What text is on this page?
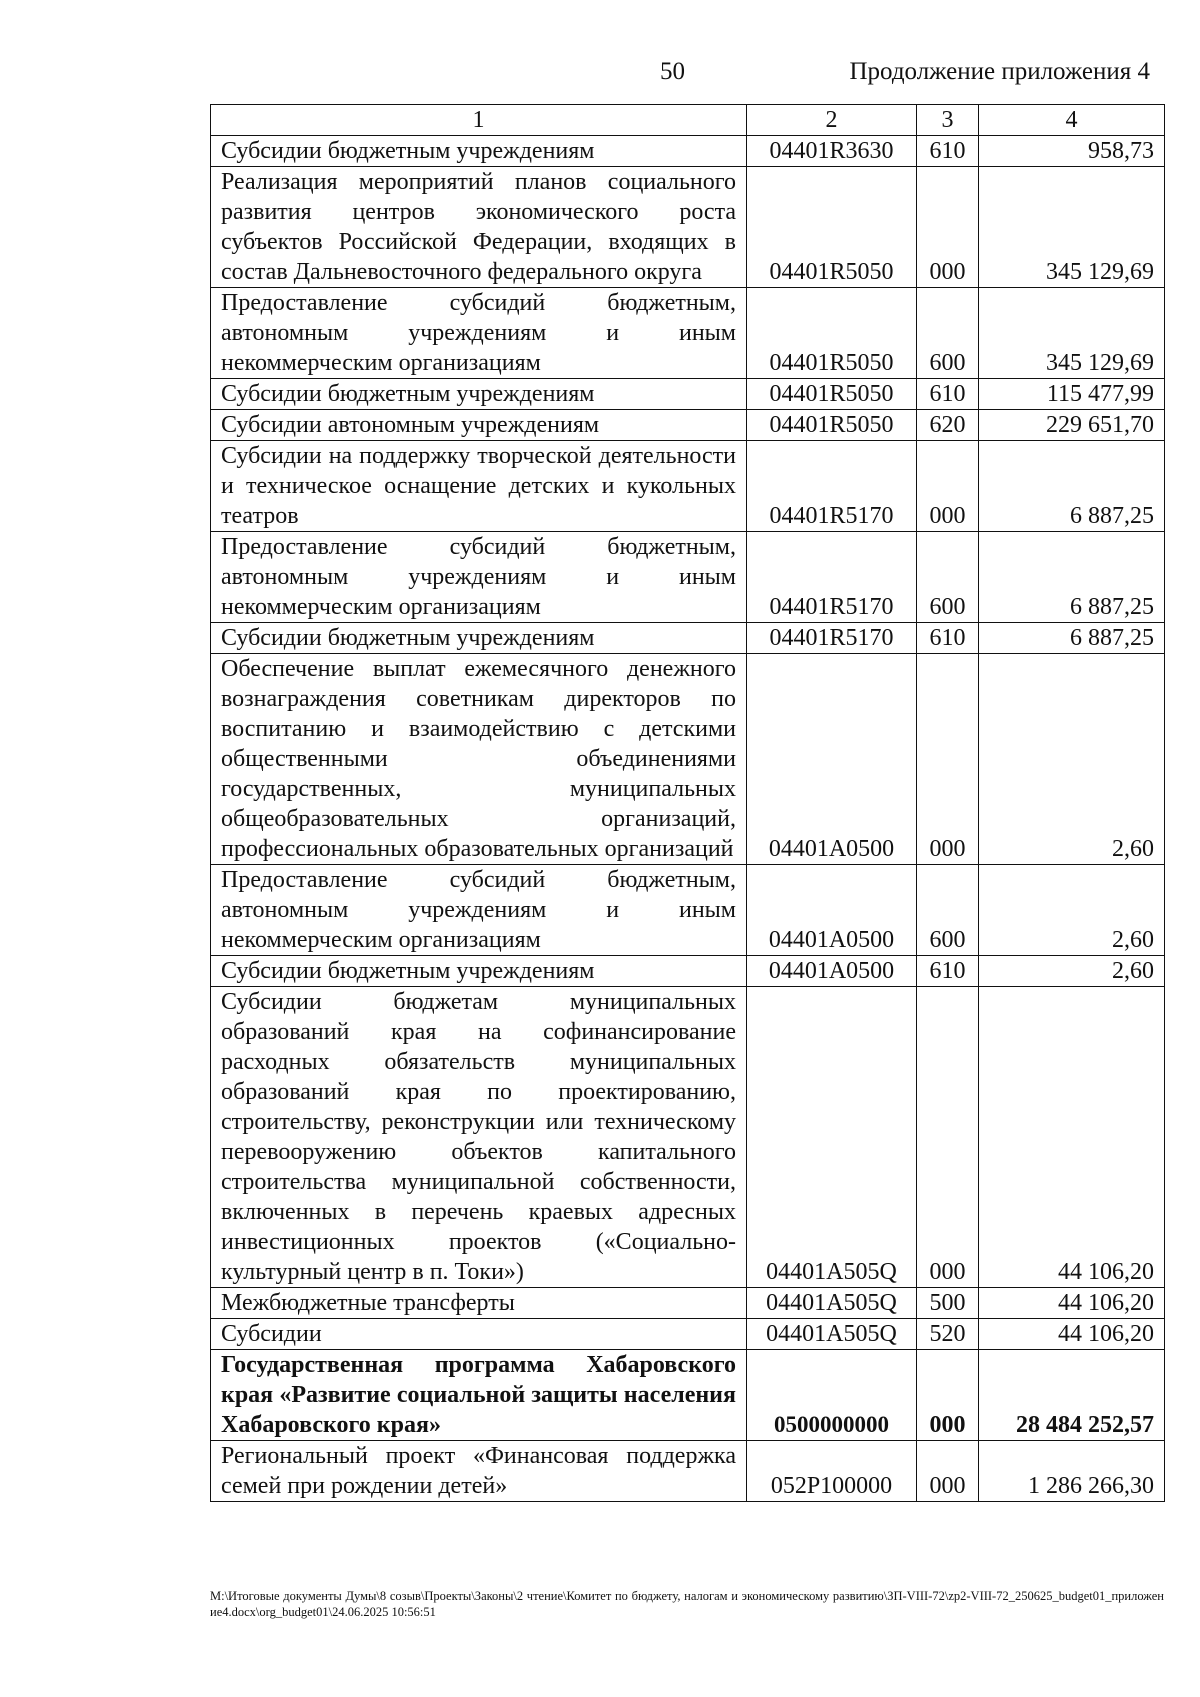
50	Продолжение приложения 4
1	2	3	4
Субсидии бюджетным учреждениям	04401R3630	610	958,73
Реализация мероприятий планов социального развития центров экономического роста субъектов Российской Федерации, входящих в состав Дальневосточного федерального округа	04401R5050	000	345 129,69
Предоставление субсидий бюджетным, автономным учреждениям и иным некоммерческим организациям	04401R5050	600	345 129,69
Субсидии бюджетным учреждениям	04401R5050	610	115 477,99
Субсидии автономным учреждениям	04401R5050	620	229 651,70
Субсидии на поддержку творческой деятельности и техническое оснащение детских и кукольных театров	04401R5170	000	6 887,25
Предоставление субсидий бюджетным, автономным учреждениям и иным некоммерческим организациям	04401R5170	600	6 887,25
Субсидии бюджетным учреждениям	04401R5170	610	6 887,25
Обеспечение выплат ежемесячного денежного вознаграждения советникам директоров по воспитанию и взаимодействию с детскими общественными объединениями государственных, муниципальных общеобразовательных организаций, профессиональных образовательных организаций	04401A0500	000	2,60
Предоставление субсидий бюджетным, автономным учреждениям и иным некоммерческим организациям	04401A0500	600	2,60
Субсидии бюджетным учреждениям	04401A0500	610	2,60
Субсидии бюджетам муниципальных образований края на софинансирование расходных обязательств муниципальных образований края по проектированию, строительству, реконструкции или техническому перевооружению объектов капитального строительства муниципальной собственности, включенных в перечень краевых адресных инвестиционных проектов («Социально-культурный центр в п. Токи»)	04401A505Q	000	44 106,20
Межбюджетные трансферты	04401A505Q	500	44 106,20
Субсидии	04401A505Q	520	44 106,20
Государственная программа Хабаровского края «Развитие социальной защиты населения Хабаровского края»	0500000000	000	28 484 252,57
Региональный проект «Финансовая поддержка семей при рождении детей»	052P100000	000	1 286 266,30
M:\Итоговые документы Думы\8 созыв\Проекты\Законы\2 чтение\Комитет по бюджету, налогам и экономическому развитию\ЗП-VIII-72\zp2-VIII-72_250625_budget01_приложение4.docx\org_budget01\24.06.2025 10:56:51
